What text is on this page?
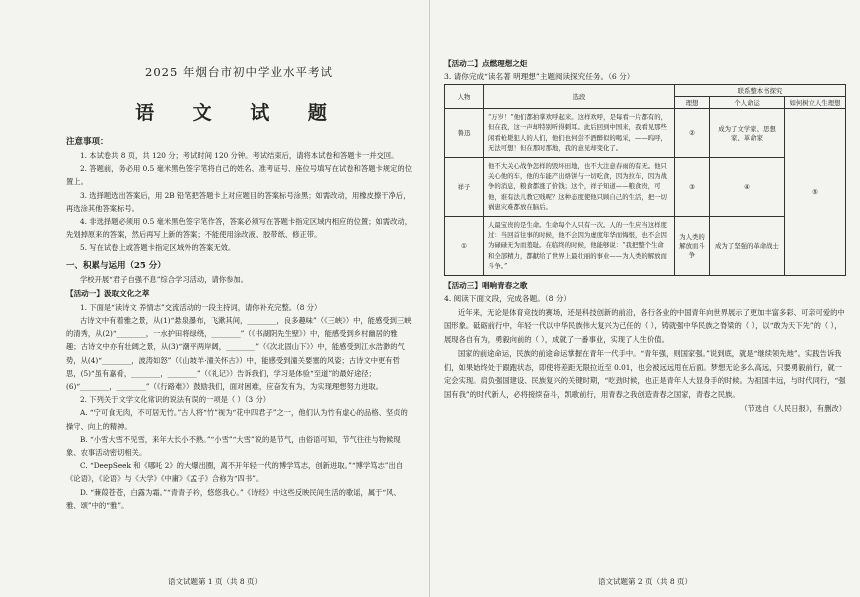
2025 年烟台市初中学业水平考试
语 文 试 题
注意事项：

1. 本试卷共 8 页，共 120 分；考试时间 120 分钟。考试结束后，请将本试卷和答题卡一并交回。

2. 答题前，务必用 0.5 毫米黑色签字笔将自己的姓名、准考证号、座位号填写在试卷和答题卡规定的位置上。

3. 选择题选出答案后，用 2B 铅笔把答题卡上对应题目的答案标号涂黑；如需改动，用橡皮擦干净后，再选涂其他答案标号。

4. 非选择题必须用 0.5 毫米黑色签字笔作答，答案必须写在答题卡指定区域内相应的位置；如需改动，先划掉原来的答案，然后再写上新的答案；不能使用涂改液、胶带纸、修正带。

5. 写在试卷上或答题卡指定区域外的答案无效。

一、积累与运用（25 分）

学校开展“君子自强不息”综合学习活动，请你参加。

【活动一】汲取文化之萃

1. 下面是“读诗文 养情志”交流活动的一段主持词，请你补充完整。（8 分）

古诗文中有着雅之景，从(1)“悬泉瀑布，飞漱其间，________，良多趣味”（《三峡》）中，能感受到三峡的清秀，从(2)“________，一水护田将绿绕，________”（《书湖阴先生壁》）中，能感受到乡村幽居的雅趣；古诗文中亦有壮阔之景，从(3)“潮平两岸阔，________”（《次北固山下》）中，能感受到江水浩渺的气势，从(4)“________，波涛如怒”（《山坡羊·潼关怀古》）中，能感受到潼关要塞的风姿；古诗文中更有哲思，(5)“虽有嘉肴，________，________”（《礼记》）告诉我们，学习是体验“至道”的最好途径；(6)“________，________”（《行路难》）鼓励我们，面对困难，应奋发有为，为实现理想努力进取。

2. 下列关于文学文化常识的说法有误的一项是（ ）（3 分）

A. “宁可食无肉，不可居无竹。”古人将“竹”视为“花中四君子”之一，他们认为竹有虚心的品格、坚贞的操守、向上的精神。

B. “小雪大雪不见雪，来年大长小不熟。”“小雪”“大雪”说的是节气，由俗语可知，节气往往与物候现象、农事活动密切相关。

C. “DeepSeek 和《哪吒 2》的大爆出圈，离不开年轻一代的博学笃志，创新进取。”“博学笃志”出自《论语》，《论语》与《大学》《中庸》《孟子》合称为“四书”。

D. “蒹葭苍苍，白露为霜。”“青青子衿，悠悠我心。”《诗经》中这些反映民间生活的歌谣，属于“风、雅、颂”中的“雅”。

语文试题第 1 页（共 8 页）
【活动二】点燃理想之炬
3. 请你完成“读名著 明理想”主题阅读探究任务。（6 分）
人物	选段	联系整本书探究		
		理想	个人命运	如何树立人生理想
鲁迅	“万岁！”他们都拍掌欢呼起来。这样欢呼，是每看一片都有的，但在我，这一声却特别听得刺耳。此后回到中国来，我看见那些闲看枪毙犯人的人们，他们也何尝不酒醉似的喝采，——呜呼，无法可想！但在那时那地，我的意见却变化了。	②	成为了文学家、思想家、革命家	⑤
祥子	他不大关心战争怎样的毁坏田地，也不大注意春雨的有无。他只关心他的车，他的车能产出烙饼与一切吃食，因为拉车，因为战争的消息，粮食都涨了价钱；这个，祥子知道——粮食贵，可他，谁有法儿教它贱呢？这种态度使他只顾自己的生活，把一切祸患灾难都放在脑后。	③	④	
①	人最宝贵的是生命。生命每个人只有一次。人的一生应当这样度过：当回首往事的时候，他不会因为虚度年华而悔恨，也不会因为碌碌无为而羞耻。在临终的时候，他能够说：“我把整个生命和全部精力，都献给了世界上最壮丽的事业——为人类的解放而斗争。”	为人类的解放而斗争	成为了坚强的革命战士	
【活动三】唱响青春之歌
4. 阅读下面文段，完成各题。（8 分）

近年来，无论是体育竞技的赛场，还是科技创新的前沿，各行各业的中国青年向世界展示了更加丰富多彩、可亲可爱的中国形象。砥砺前行中，年轻一代以中华民族伟大复兴为己任的（ ），铸就强中华民族之脊梁的（ ），以“敢为天下先”的（ ），展现各自有为，勇毅向前的（ ），成就了一番事业，实现了人生价值。

国家的前途命运，民族的前途命运掌握在青年一代手中。“青年强，则国家强。”说到底，就是“继续领先地”。实践告诉我们，如果始终处于跟跑状态，即使将差距无限拉近至 0.01，也会被远远甩在后面。梦想无论多么高远，只要勇毅前行，就一定会实现。肩负强国建设、民族复兴的关键时期，“吃劲时候，也正是青年人大显身手的时候。为祖国丰远，与时代同行，“强国有我”的时代新人，必将接续奋斗，凯歌前行，用青春之我创造青春之国家，青春之民族。

（节选自《人民日报》，有删改）

语文试题第 2 页（共 8 页）
